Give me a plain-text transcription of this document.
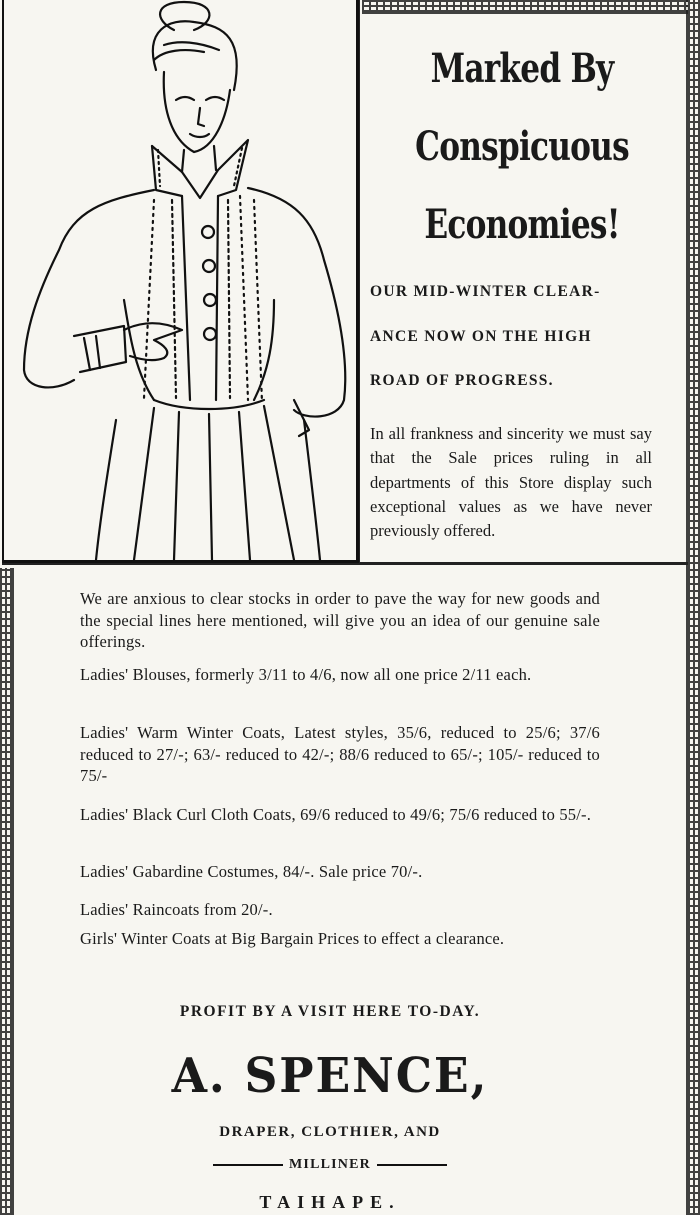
Marked By
Conspicuous
Economies!
OUR MID-WINTER CLEAR-
ANCE NOW ON THE HIGH
ROAD OF PROGRESS.
In all frankness and sincerity we must say that the Sale prices ruling in all departments of this Store display such exceptional values as we have never previously offered.
We are anxious to clear stocks in order to pave the way for new goods and the special lines here mentioned, will give you an idea of our genuine sale offerings.
Ladies' Blouses, formerly 3/11 to 4/6, now all one price 2/11 each.
Ladies' Warm Winter Coats, Latest styles, 35/6, reduced to 25/6; 37/6 reduced to 27/-; 63/- reduced to 42/-; 88/6 reduced to 65/-; 105/- reduced to 75/-
Ladies' Black Curl Cloth Coats, 69/6 reduced to 49/6; 75/6 reduced to 55/-.
Ladies' Gabardine Costumes, 84/-. Sale price 70/-.
Ladies' Raincoats from 20/-.
Girls' Winter Coats at Big Bargain Prices to effect a clearance.
PROFIT BY A VISIT HERE TO-DAY.
A. SPENCE,
DRAPER, CLOTHIER, AND
MILLINER
TAIHAPE.
